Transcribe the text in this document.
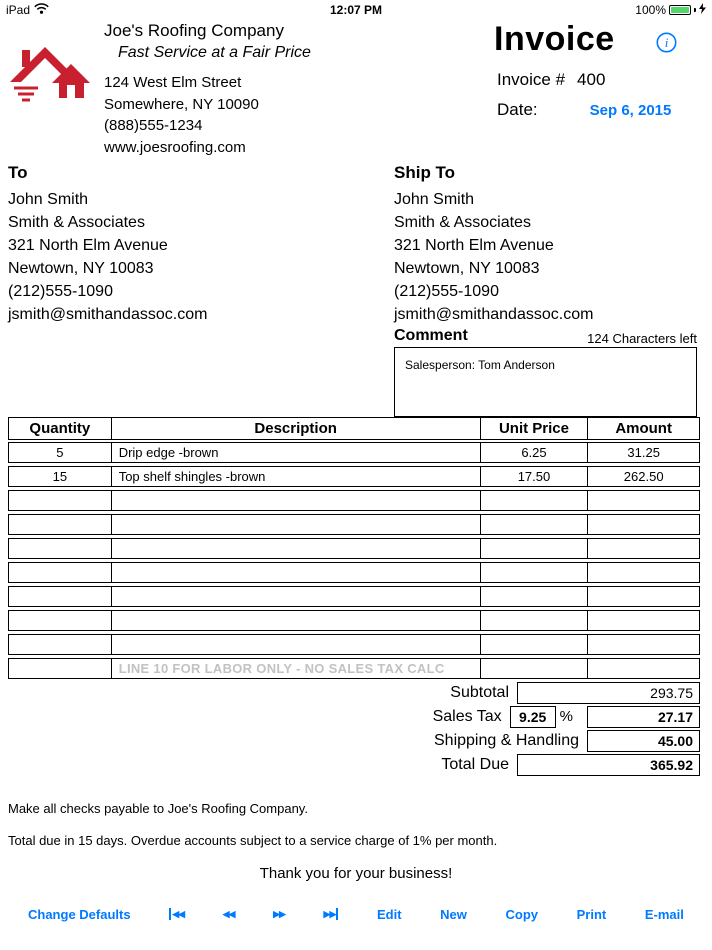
iPad	12:07 PM	100%
Joe's Roofing Company
Fast Service at a Fair Price
124 West Elm Street
Somewhere, NY 10090
(888)555-1234
www.joesroofing.com
Invoice	i
Invoice # 400
Date:	Sep 6, 2015
To
John Smith
Smith & Associates
321 North Elm Avenue
Newtown, NY 10083
(212)555-1090
jsmith@smithandassoc.com
Ship To
John Smith
Smith & Associates
321 North Elm Avenue
Newtown, NY 10083
(212)555-1090
jsmith@smithandassoc.com
Comment	124 Characters left
Salesperson: Tom Anderson
Quantity	Description	Unit Price	Amount
5	Drip edge -brown	6.25	31.25
15	Top shelf shingles -brown	17.50	262.50
LINE 10 FOR LABOR ONLY - NO SALES TAX CALC
Subtotal	293.75
Sales Tax	9.25 %	27.17
Shipping & Handling	45.00
Total Due	365.92
Make all checks payable to Joe's Roofing Company.
Total due in 15 days. Overdue accounts subject to a service charge of 1% per month.
Thank you for your business!
Change Defaults	◀◀	◀◀	▶▶	▶▶	Edit	New	Copy	Print	E-mail
